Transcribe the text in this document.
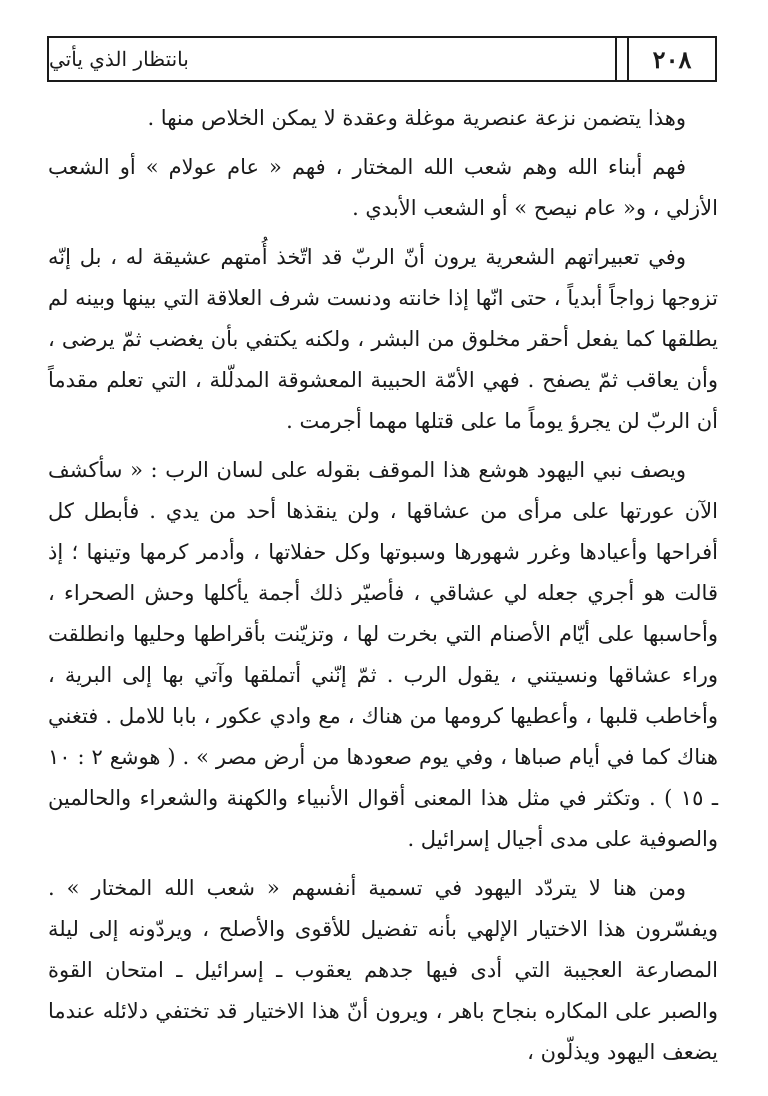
بانتظار الذي يأتي	٢٠٨

وهذا يتضمن نزعة عنصرية موغلة وعقدة لا يمكن الخلاص منها .

فهم أبناء الله وهم شعب الله المختار ، فهم « عام عولام » أو الشعب الأزلي ، و« عام نيصح » أو الشعب الأبدي .

وفي تعبيراتهم الشعرية يرون أنّ الربّ قد اتّخذ أُمتهم عشيقة له ، بل إنّه تزوجها زواجاً أبدياً ، حتى انّها إذا خانته ودنست شرف العلاقة التي بينها وبينه لم يطلقها كما يفعل أحقر مخلوق من البشر ، ولكنه يكتفي بأن يغضب ثمّ يرضى ، وأن يعاقب ثمّ يصفح . فهي الأمّة الحبيبة المعشوقة المدلّلة ، التي تعلم مقدماً أن الربّ لن يجرؤ يوماً ما على قتلها مهما أجرمت .

ويصف نبي اليهود هوشع هذا الموقف بقوله على لسان الرب : « سأكشف الآن عورتها على مرأى من عشاقها ، ولن ينقذها أحد من يدي . فأبطل كل أفراحها وأعيادها وغرر شهورها وسبوتها وكل حفلاتها ، وأدمر كرمها وتينها ؛ إذ قالت هو أجري جعله لي عشاقي ، فأصيّر ذلك أجمة يأكلها وحش الصحراء ، وأحاسبها على أيّام الأصنام التي بخرت لها ، وتزيّنت بأقراطها وحليها وانطلقت وراء عشاقها ونسيتني ، يقول الرب . ثمّ إنّني أتملقها وآتي بها إلى البرية ، وأخاطب قلبها ، وأعطيها كرومها من هناك ، مع وادي عكور ، بابا للامل . فتغني هناك كما في أيام صباها ، وفي يوم صعودها من أرض مصر » . ( هوشع ٢ : ١٠ ـ ١٥ ) . وتكثر في مثل هذا المعنى أقوال الأنبياء والكهنة والشعراء والحالمين والصوفية على مدى أجيال إسرائيل .

ومن هنا لا يتردّد اليهود في تسمية أنفسهم « شعب الله المختار » . ويفسّرون هذا الاختيار الإلهي بأنه تفضيل للأقوى والأصلح ، ويردّونه إلى ليلة المصارعة العجيبة التي أدى فيها جدهم يعقوب ـ إسرائيل ـ امتحان القوة والصبر على المكاره بنجاح باهر ، ويرون أنّ هذا الاختيار قد تختفي دلائله عندما يضعف اليهود ويذلّون ،
